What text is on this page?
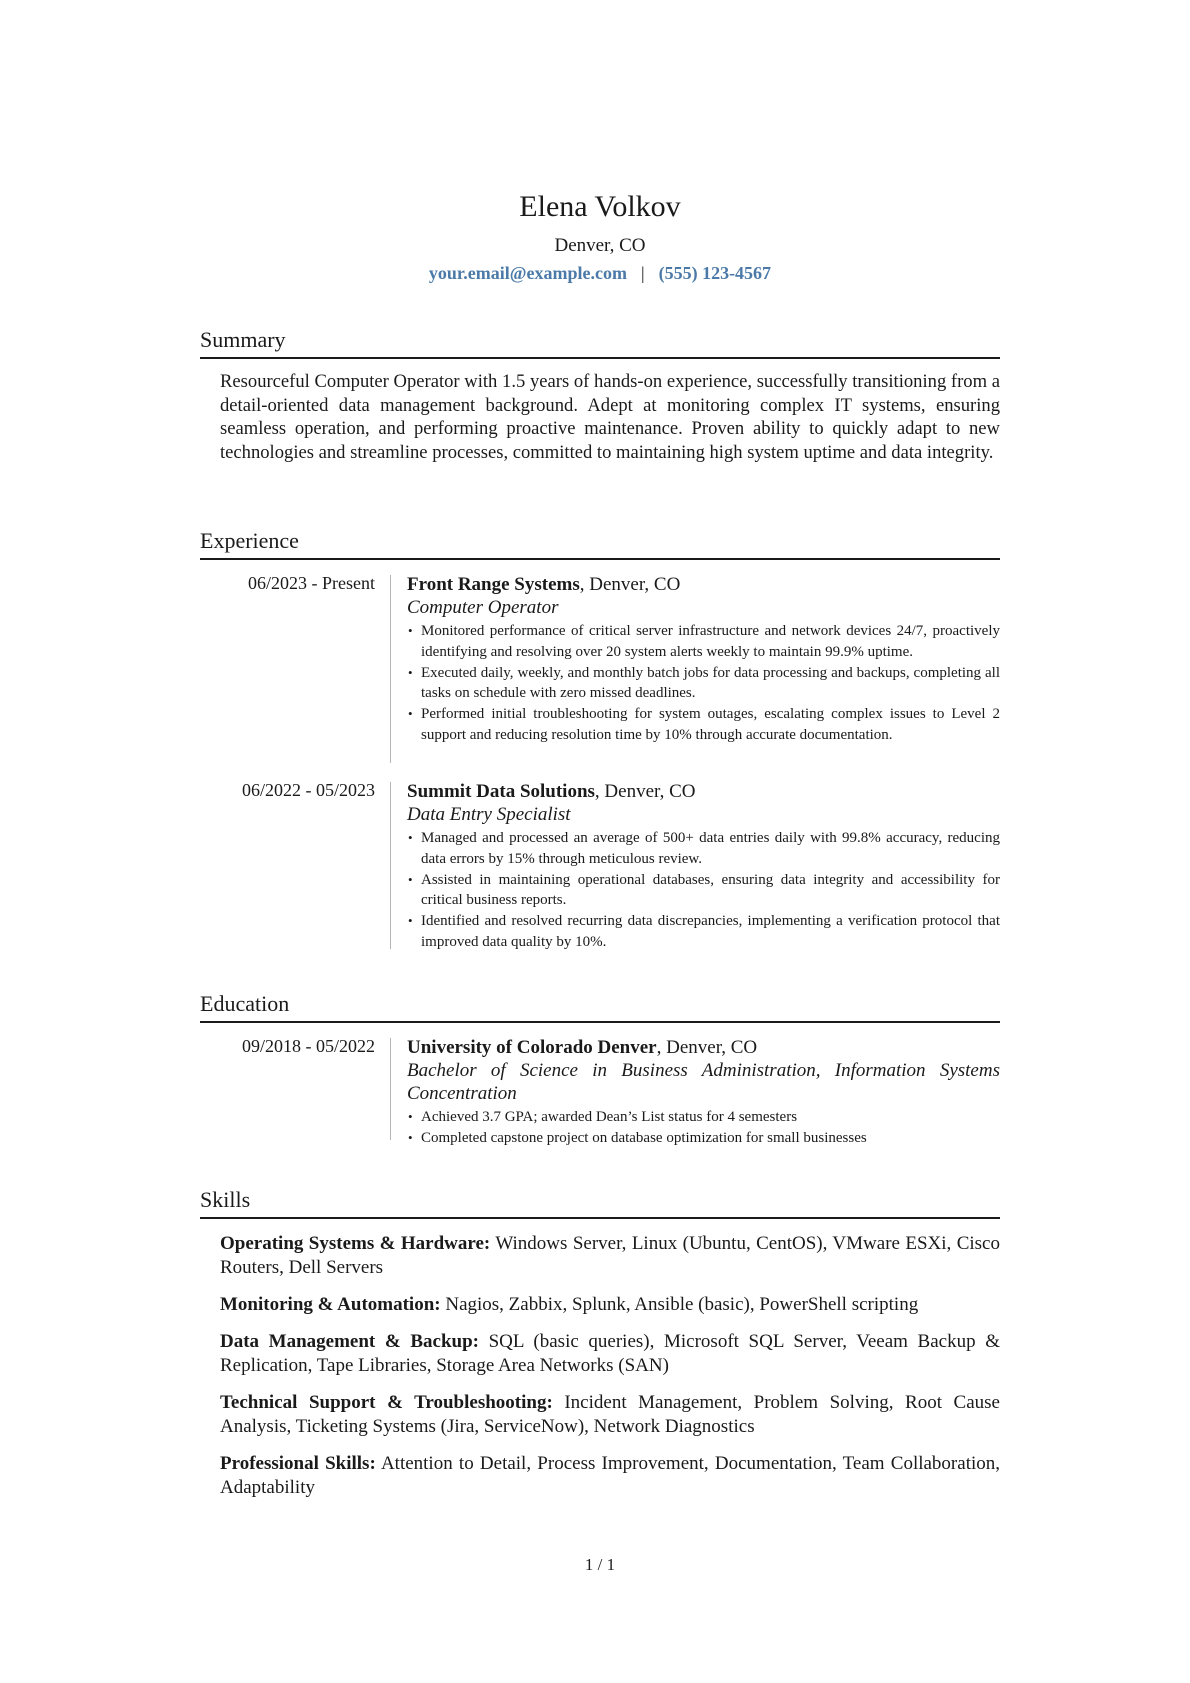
Elena Volkov
Denver, CO
your.email@example.com | (555) 123-4567
Summary
Resourceful Computer Operator with 1.5 years of hands-on experience, successfully transitioning from a detail-oriented data management background. Adept at monitoring complex IT systems, ensuring seamless operation, and performing proactive maintenance. Proven ability to quickly adapt to new technologies and streamline processes, committed to maintaining high system uptime and data integrity.
Experience
06/2023 - Present Front Range Systems, Denver, CO
Computer Operator
• Monitored performance of critical server infrastructure and network devices 24/7, proactively identifying and resolving over 20 system alerts weekly to maintain 99.9% uptime.
• Executed daily, weekly, and monthly batch jobs for data processing and backups, completing all tasks on schedule with zero missed deadlines.
• Performed initial troubleshooting for system outages, escalating complex issues to Level 2 support and reducing resolution time by 10% through accurate documentation.
06/2022 - 05/2023 Summit Data Solutions, Denver, CO
Data Entry Specialist
• Managed and processed an average of 500+ data entries daily with 99.8% accuracy, reducing data errors by 15% through meticulous review.
• Assisted in maintaining operational databases, ensuring data integrity and accessibility for critical business reports.
• Identified and resolved recurring data discrepancies, implementing a verification protocol that improved data quality by 10%.
Education
09/2018 - 05/2022 University of Colorado Denver, Denver, CO
Bachelor of Science in Business Administration, Information Systems Concentration
• Achieved 3.7 GPA; awarded Dean’s List status for 4 semesters
• Completed capstone project on database optimization for small businesses
Skills
Operating Systems & Hardware: Windows Server, Linux (Ubuntu, CentOS), VMware ESXi, Cisco Routers, Dell Servers
Monitoring & Automation: Nagios, Zabbix, Splunk, Ansible (basic), PowerShell scripting
Data Management & Backup: SQL (basic queries), Microsoft SQL Server, Veeam Backup & Replication, Tape Libraries, Storage Area Networks (SAN)
Technical Support & Troubleshooting: Incident Management, Problem Solving, Root Cause Analysis, Ticketing Systems (Jira, ServiceNow), Network Diagnostics
Professional Skills: Attention to Detail, Process Improvement, Documentation, Team Collaboration, Adaptability
1 / 1
